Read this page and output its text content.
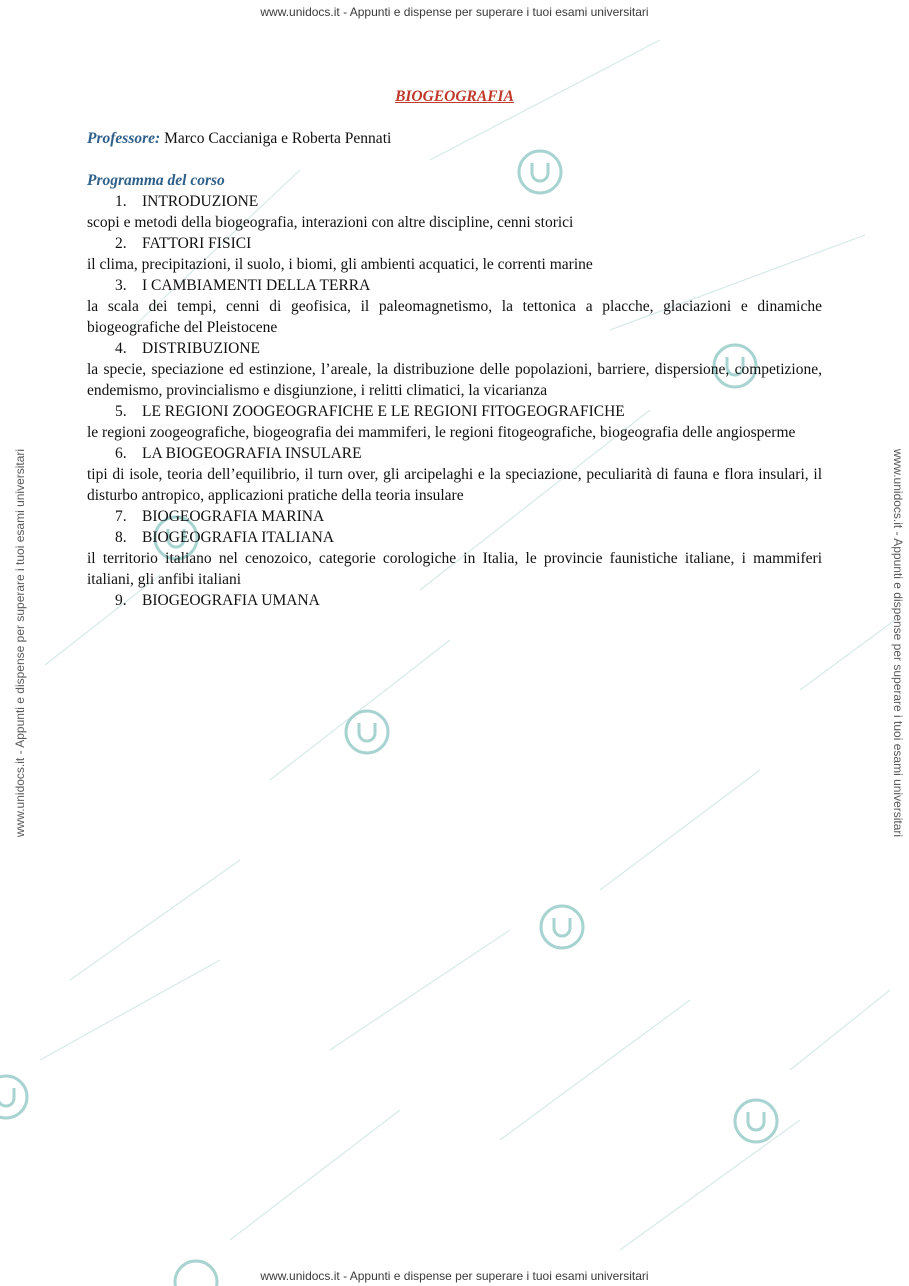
www.unidocs.it - Appunti e dispense per superare i tuoi esami universitari
www.unidocs.it - Appunti e dispense per superare i tuoi esami universitari
www.unidocs.it - Appunti e dispense per superare i tuoi esami universitari	www.unidocs.it - Appunti e dispense per superare i tuoi esami universitari
BIOGEOGRAFIA
Professore: Marco Caccianiga e Roberta Pennati
Programma del corso
1. INTRODUZIONE
scopi e metodi della biogeografia, interazioni con altre discipline, cenni storici
2. FATTORI FISICI
il clima, precipitazioni, il suolo, i biomi, gli ambienti acquatici, le correnti marine
3. I CAMBIAMENTI DELLA TERRA
la scala dei tempi, cenni di geofisica, il paleomagnetismo, la tettonica a placche, glaciazioni e dinamiche biogeografiche del Pleistocene
4. DISTRIBUZIONE
la specie, speciazione ed estinzione, l’areale, la distribuzione delle popolazioni, barriere, dispersione, competizione, endemismo, provincialismo e disgiunzione, i relitti climatici, la vicarianza
5. LE REGIONI ZOOGEOGRAFICHE E LE REGIONI FITOGEOGRAFICHE
le regioni zoogeografiche, biogeografia dei mammiferi, le regioni fitogeografiche, biogeografia delle angiosperme
6. LA BIOGEOGRAFIA INSULARE
tipi di isole, teoria dell’equilibrio, il turn over, gli arcipelaghi e la speciazione, peculiarità di fauna e flora insulari, il disturbo antropico, applicazioni pratiche della teoria insulare
7. BIOGEOGRAFIA MARINA
8. BIOGEOGRAFIA ITALIANA
il territorio italiano nel cenozoico, categorie corologiche in Italia, le provincie faunistiche italiane, i mammiferi italiani, gli anfibi italiani
9. BIOGEOGRAFIA UMANA
